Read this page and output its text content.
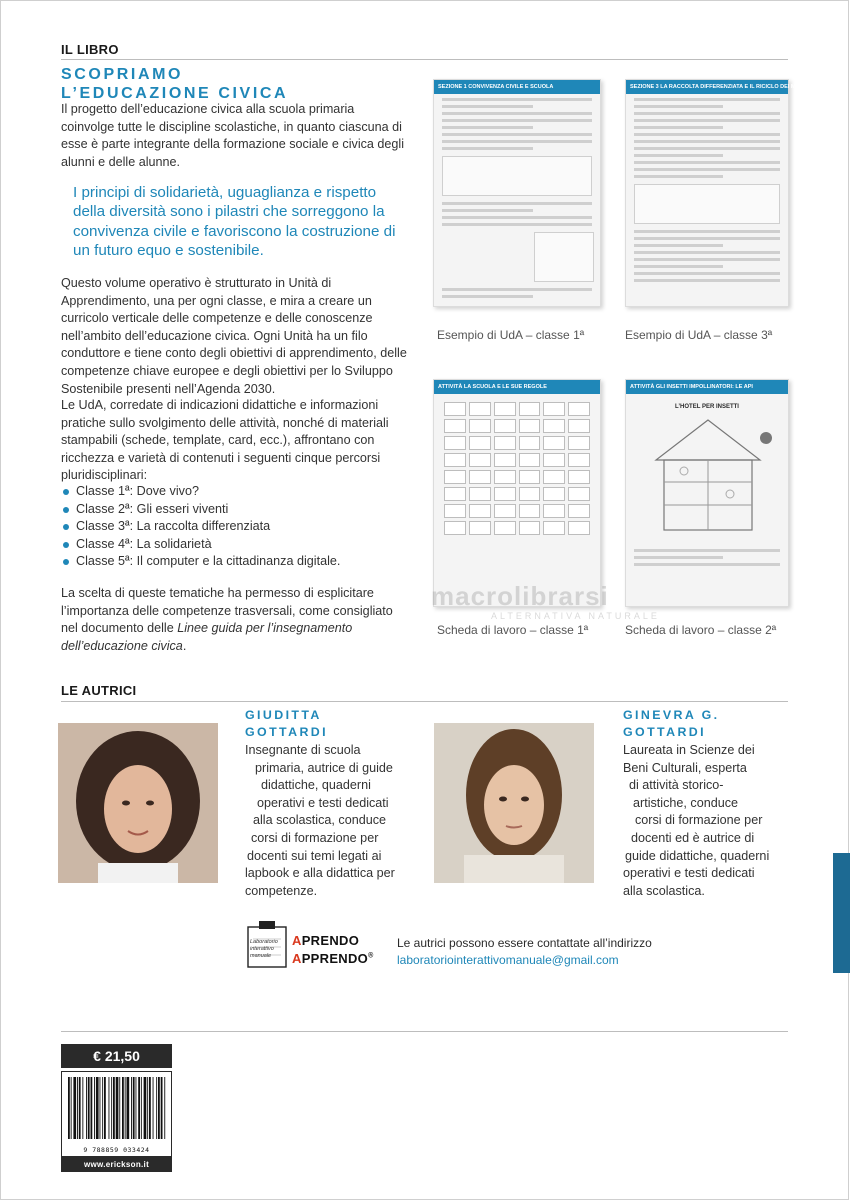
IL LIBRO
SCOPRIAMO
L’EDUCAZIONE CIVICA
Il progetto dell’educazione civica alla scuola primaria coinvolge tutte le discipline scolastiche, in quanto ciascuna di esse è parte integrante della formazione sociale e civica degli alunni e delle alunne.
I principi di solidarietà, uguaglianza e rispetto della diversità sono i pilastri che sorreggono la convivenza civile e favoriscono la costruzione di un futuro equo e sostenibile.
Questo volume operativo è strutturato in Unità di Apprendimento, una per ogni classe, e mira a creare un curricolo verticale delle competenze e delle conoscenze nell’ambito dell’educazione civica. Ogni Unità ha un filo conduttore e tiene conto degli obiettivi di apprendimento, delle competenze chiave europee e degli obiettivi per lo Sviluppo Sostenibile presenti nell’Agenda 2030.
Le UdA, corredate di indicazioni didattiche e informazioni pratiche sullo svolgimento delle attività, nonché di materiali stampabili (schede, template, card, ecc.), affrontano con ricchezza e varietà di contenuti i seguenti cinque percorsi pluridisciplinari:
Classe 1ª: Dove vivo?
Classe 2ª: Gli esseri viventi
Classe 3ª: La raccolta differenziata
Classe 4ª: La solidarietà
Classe 5ª: Il computer e la cittadinanza digitale.
La scelta di queste tematiche ha permesso di esplicitare l’importanza delle competenze trasversali, come consigliato nel documento delle Linee guida per l’insegnamento dell’educazione civica.
SEZIONE 1 CONVIVENZA CIVILE E SCUOLA
Esempio di UdA – classe 1ª
SEZIONE 3 LA RACCOLTA DIFFERENZIATA E IL RICICLO DEI MATERIALI
Esempio di UdA – classe 3ª
ATTIVITÀ LA SCUOLA E LE SUE REGOLE
Scheda di lavoro – classe 1ª
ATTIVITÀ GLI INSETTI IMPOLLINATORI: LE API
L’HOTEL PER INSETTI
Scheda di lavoro – classe 2ª
macrolibrarsi
ALTERNATIVA NATURALE
LE AUTRICI
GIUDITTA
GOTTARDI
Insegnante di scuola
primaria, autrice di guide
didattiche, quaderni
operativi e testi dedicati
alla scolastica, conduce
corsi di formazione per
docenti sui temi legati ai
lapbook e alla didattica per
competenze.
GINEVRA G.
GOTTARDI
Laureata in Scienze dei
Beni Culturali, esperta
di attività storico-
artistiche, conduce
corsi di formazione per
docenti ed è autrice di
guide didattiche, quaderni
operativi e testi dedicati
alla scolastica.
Laboratorio interattivo manuale
APRENDO
APPRENDO®
Le autrici possono essere contattate all’indirizzo
laboratoriointerattivomanuale@gmail.com
€ 21,50
9 788859 033424
www.erickson.it
